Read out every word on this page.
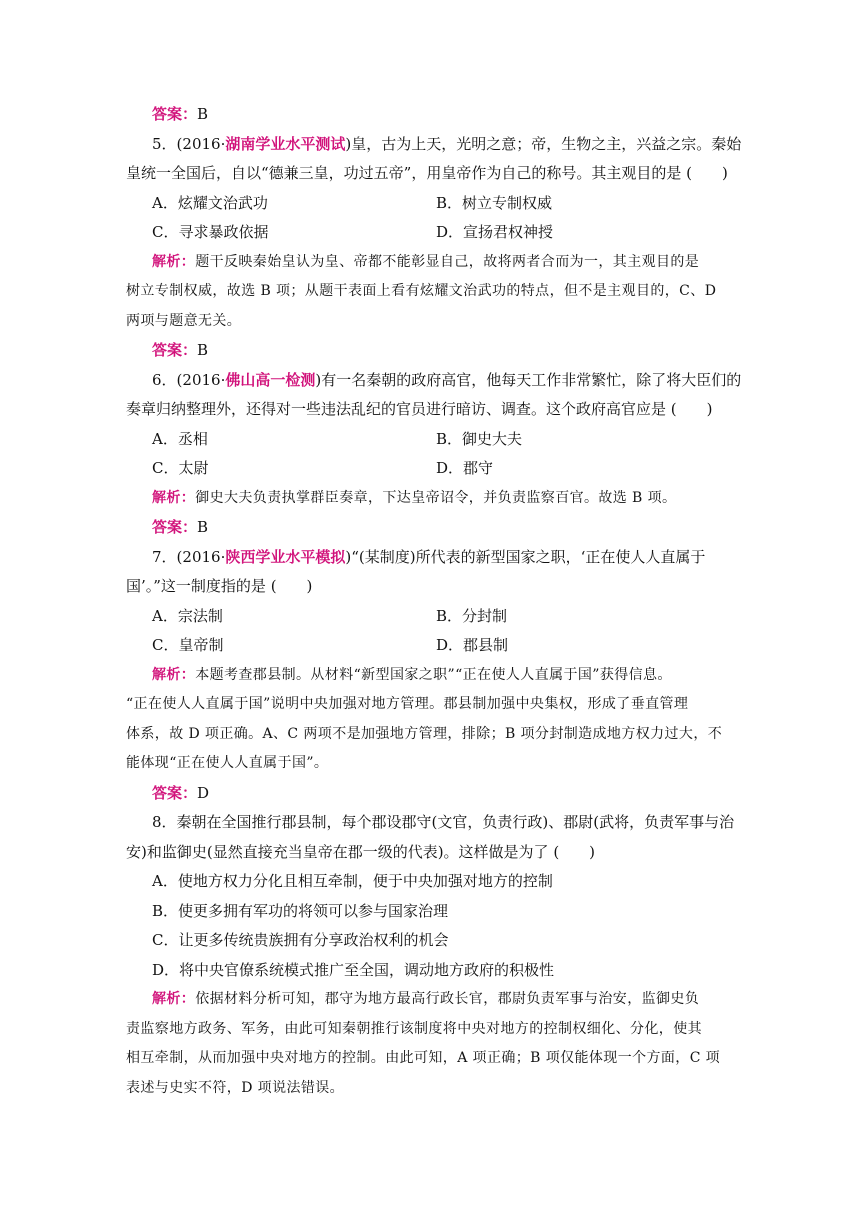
答案：B
5．(2016·湖南学业水平测试)皇，古为上天，光明之意；帝，生物之主，兴益之宗。秦始
皇统一全国后，自以“德兼三皇，功过五帝”，用皇帝作为自己的称号。其主观目的是 (　　)
A．炫耀文治武功	B．树立专制权威
C．寻求暴政依据	D．宣扬君权神授
解析：题干反映秦始皇认为皇、帝都不能彰显自己，故将两者合而为一，其主观目的是
树立专制权威，故选 B 项；从题干表面上看有炫耀文治武功的特点，但不是主观目的，C、D
两项与题意无关。
答案：B
6．(2016·佛山高一检测)有一名秦朝的政府高官，他每天工作非常繁忙，除了将大臣们的
奏章归纳整理外，还得对一些违法乱纪的官员进行暗访、调查。这个政府高官应是 (　　)
A．丞相	B．御史大夫
C．太尉	D．郡守
解析：御史大夫负责执掌群臣奏章，下达皇帝诏令，并负责监察百官。故选 B 项。
答案：B
7．(2016·陕西学业水平模拟)“(某制度)所代表的新型国家之职，‘正在使人人直属于
国’。”这一制度指的是 (　　)
A．宗法制	B．分封制
C．皇帝制	D．郡县制
解析：本题考查郡县制。从材料“新型国家之职”“正在使人人直属于国”获得信息。
“正在使人人直属于国”说明中央加强对地方管理。郡县制加强中央集权，形成了垂直管理
体系，故 D 项正确。A、C 两项不是加强地方管理，排除；B 项分封制造成地方权力过大，不
能体现“正在使人人直属于国”。
答案：D
8．秦朝在全国推行郡县制，每个郡设郡守(文官，负责行政)、郡尉(武将，负责军事与治
安)和监御史(显然直接充当皇帝在郡一级的代表)。这样做是为了 (　　)
A．使地方权力分化且相互牵制，便于中央加强对地方的控制
B．使更多拥有军功的将领可以参与国家治理
C．让更多传统贵族拥有分享政治权利的机会
D．将中央官僚系统模式推广至全国，调动地方政府的积极性
解析：依据材料分析可知，郡守为地方最高行政长官，郡尉负责军事与治安，监御史负
责监察地方政务、军务，由此可知秦朝推行该制度将中央对地方的控制权细化、分化，使其
相互牵制，从而加强中央对地方的控制。由此可知，A 项正确；B 项仅能体现一个方面，C 项
表述与史实不符，D 项说法错误。
